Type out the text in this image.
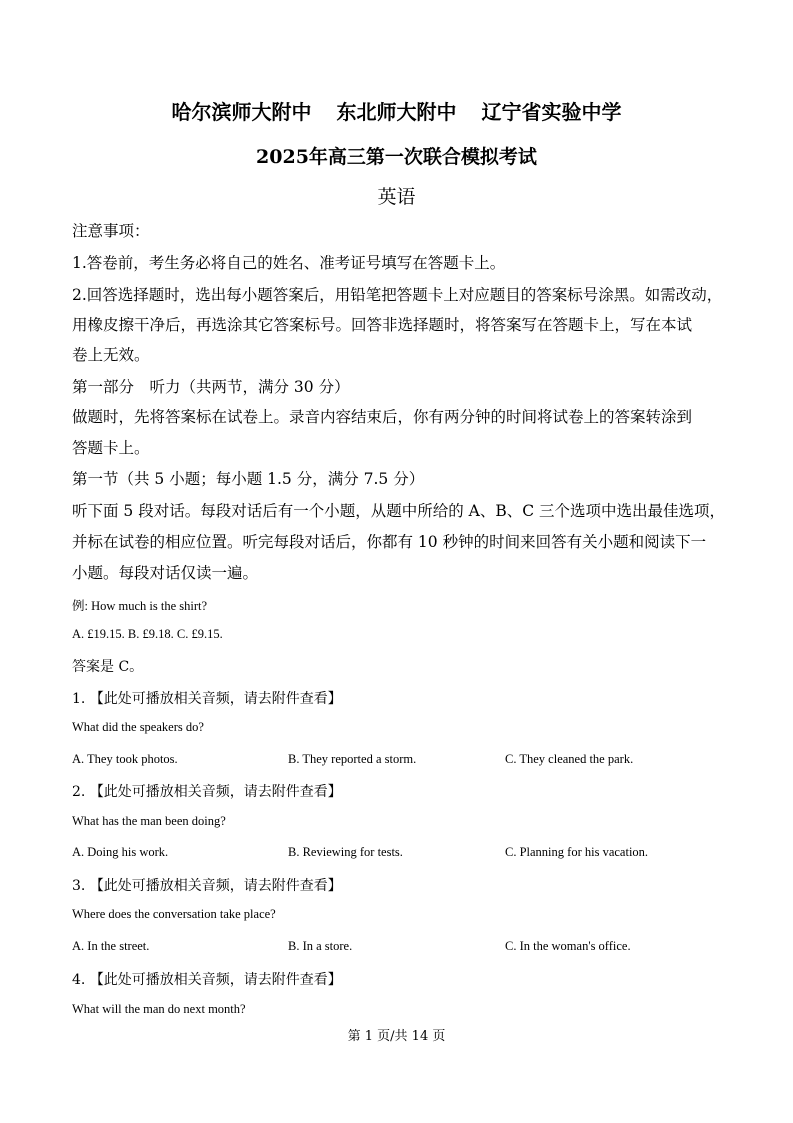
哈尔滨师大附中 东北师大附中 辽宁省实验中学
2025年高三第一次联合模拟考试
英语
注意事项：
1.答卷前，考生务必将自己的姓名、准考证号填写在答题卡上。
2.回答选择题时，选出每小题答案后，用铅笔把答题卡上对应题目的答案标号涂黑。如需改动，
用橡皮擦干净后，再选涂其它答案标号。回答非选择题时，将答案写在答题卡上，写在本试
卷上无效。
第一部分　听力（共两节，满分 30 分）
做题时，先将答案标在试卷上。录音内容结束后，你有两分钟的时间将试卷上的答案转涂到
答题卡上。
第一节（共 5 小题；每小题 1.5 分，满分 7.5 分）
听下面 5 段对话。每段对话后有一个小题，从题中所给的 A、B、C 三个选项中选出最佳选项，
并标在试卷的相应位置。听完每段对话后，你都有 10 秒钟的时间来回答有关小题和阅读下一
小题。每段对话仅读一遍。
例: How much is the shirt?
A. £19.15. B. £9.18. C. £9.15.
答案是 C。
1. 【此处可播放相关音频，请去附件查看】
What did the speakers do?
A. They took photos.	B. They reported a storm.	C. They cleaned the park.
2. 【此处可播放相关音频，请去附件查看】
What has the man been doing?
A. Doing his work.	B. Reviewing for tests.	C. Planning for his vacation.
3. 【此处可播放相关音频，请去附件查看】
Where does the conversation take place?
A. In the street.	B. In a store.	C. In the woman's office.
4. 【此处可播放相关音频，请去附件查看】
What will the man do next month?
第 1 页/共 14 页
